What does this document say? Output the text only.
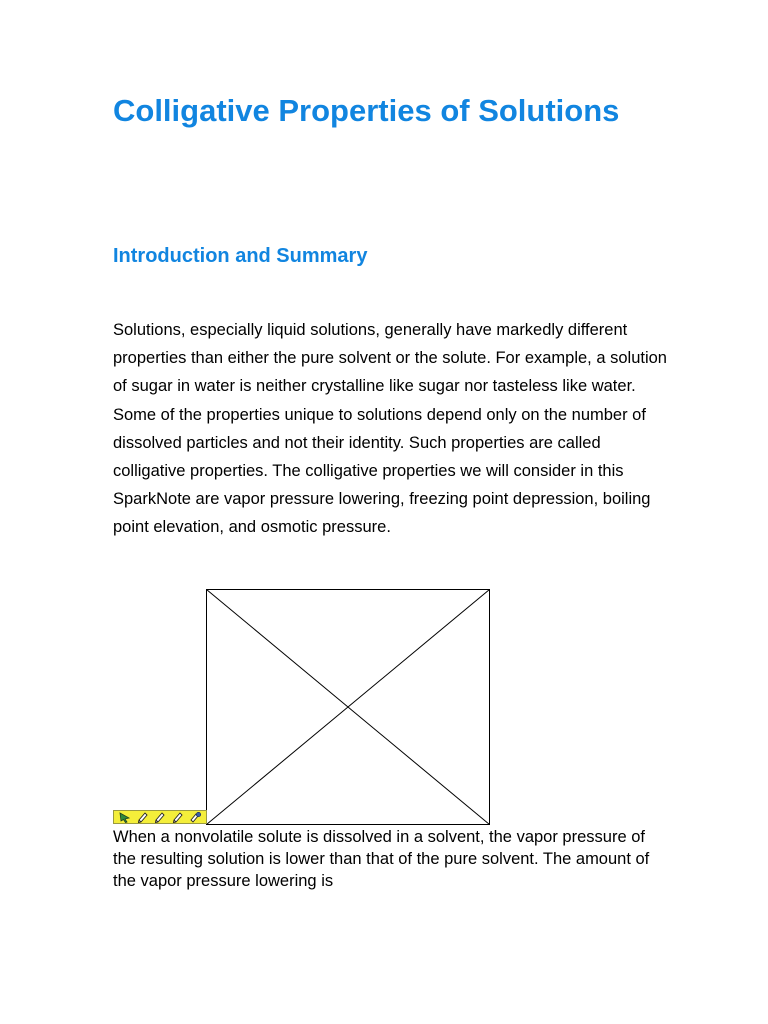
Colligative Properties of Solutions
Introduction and Summary

Solutions, especially liquid solutions, generally have markedly different properties than either the pure solvent or the solute. For example, a solution of sugar in water is neither crystalline like sugar nor tasteless like water. Some of the properties unique to solutions depend only on the number of dissolved particles and not their identity. Such properties are called colligative properties. The colligative properties we will consider in this SparkNote are vapor pressure lowering, freezing point depression, boiling point elevation, and osmotic pressure.

When a nonvolatile solute is dissolved in a solvent, the vapor pressure of the resulting solution is lower than that of the pure solvent. The amount of the vapor pressure lowering is
